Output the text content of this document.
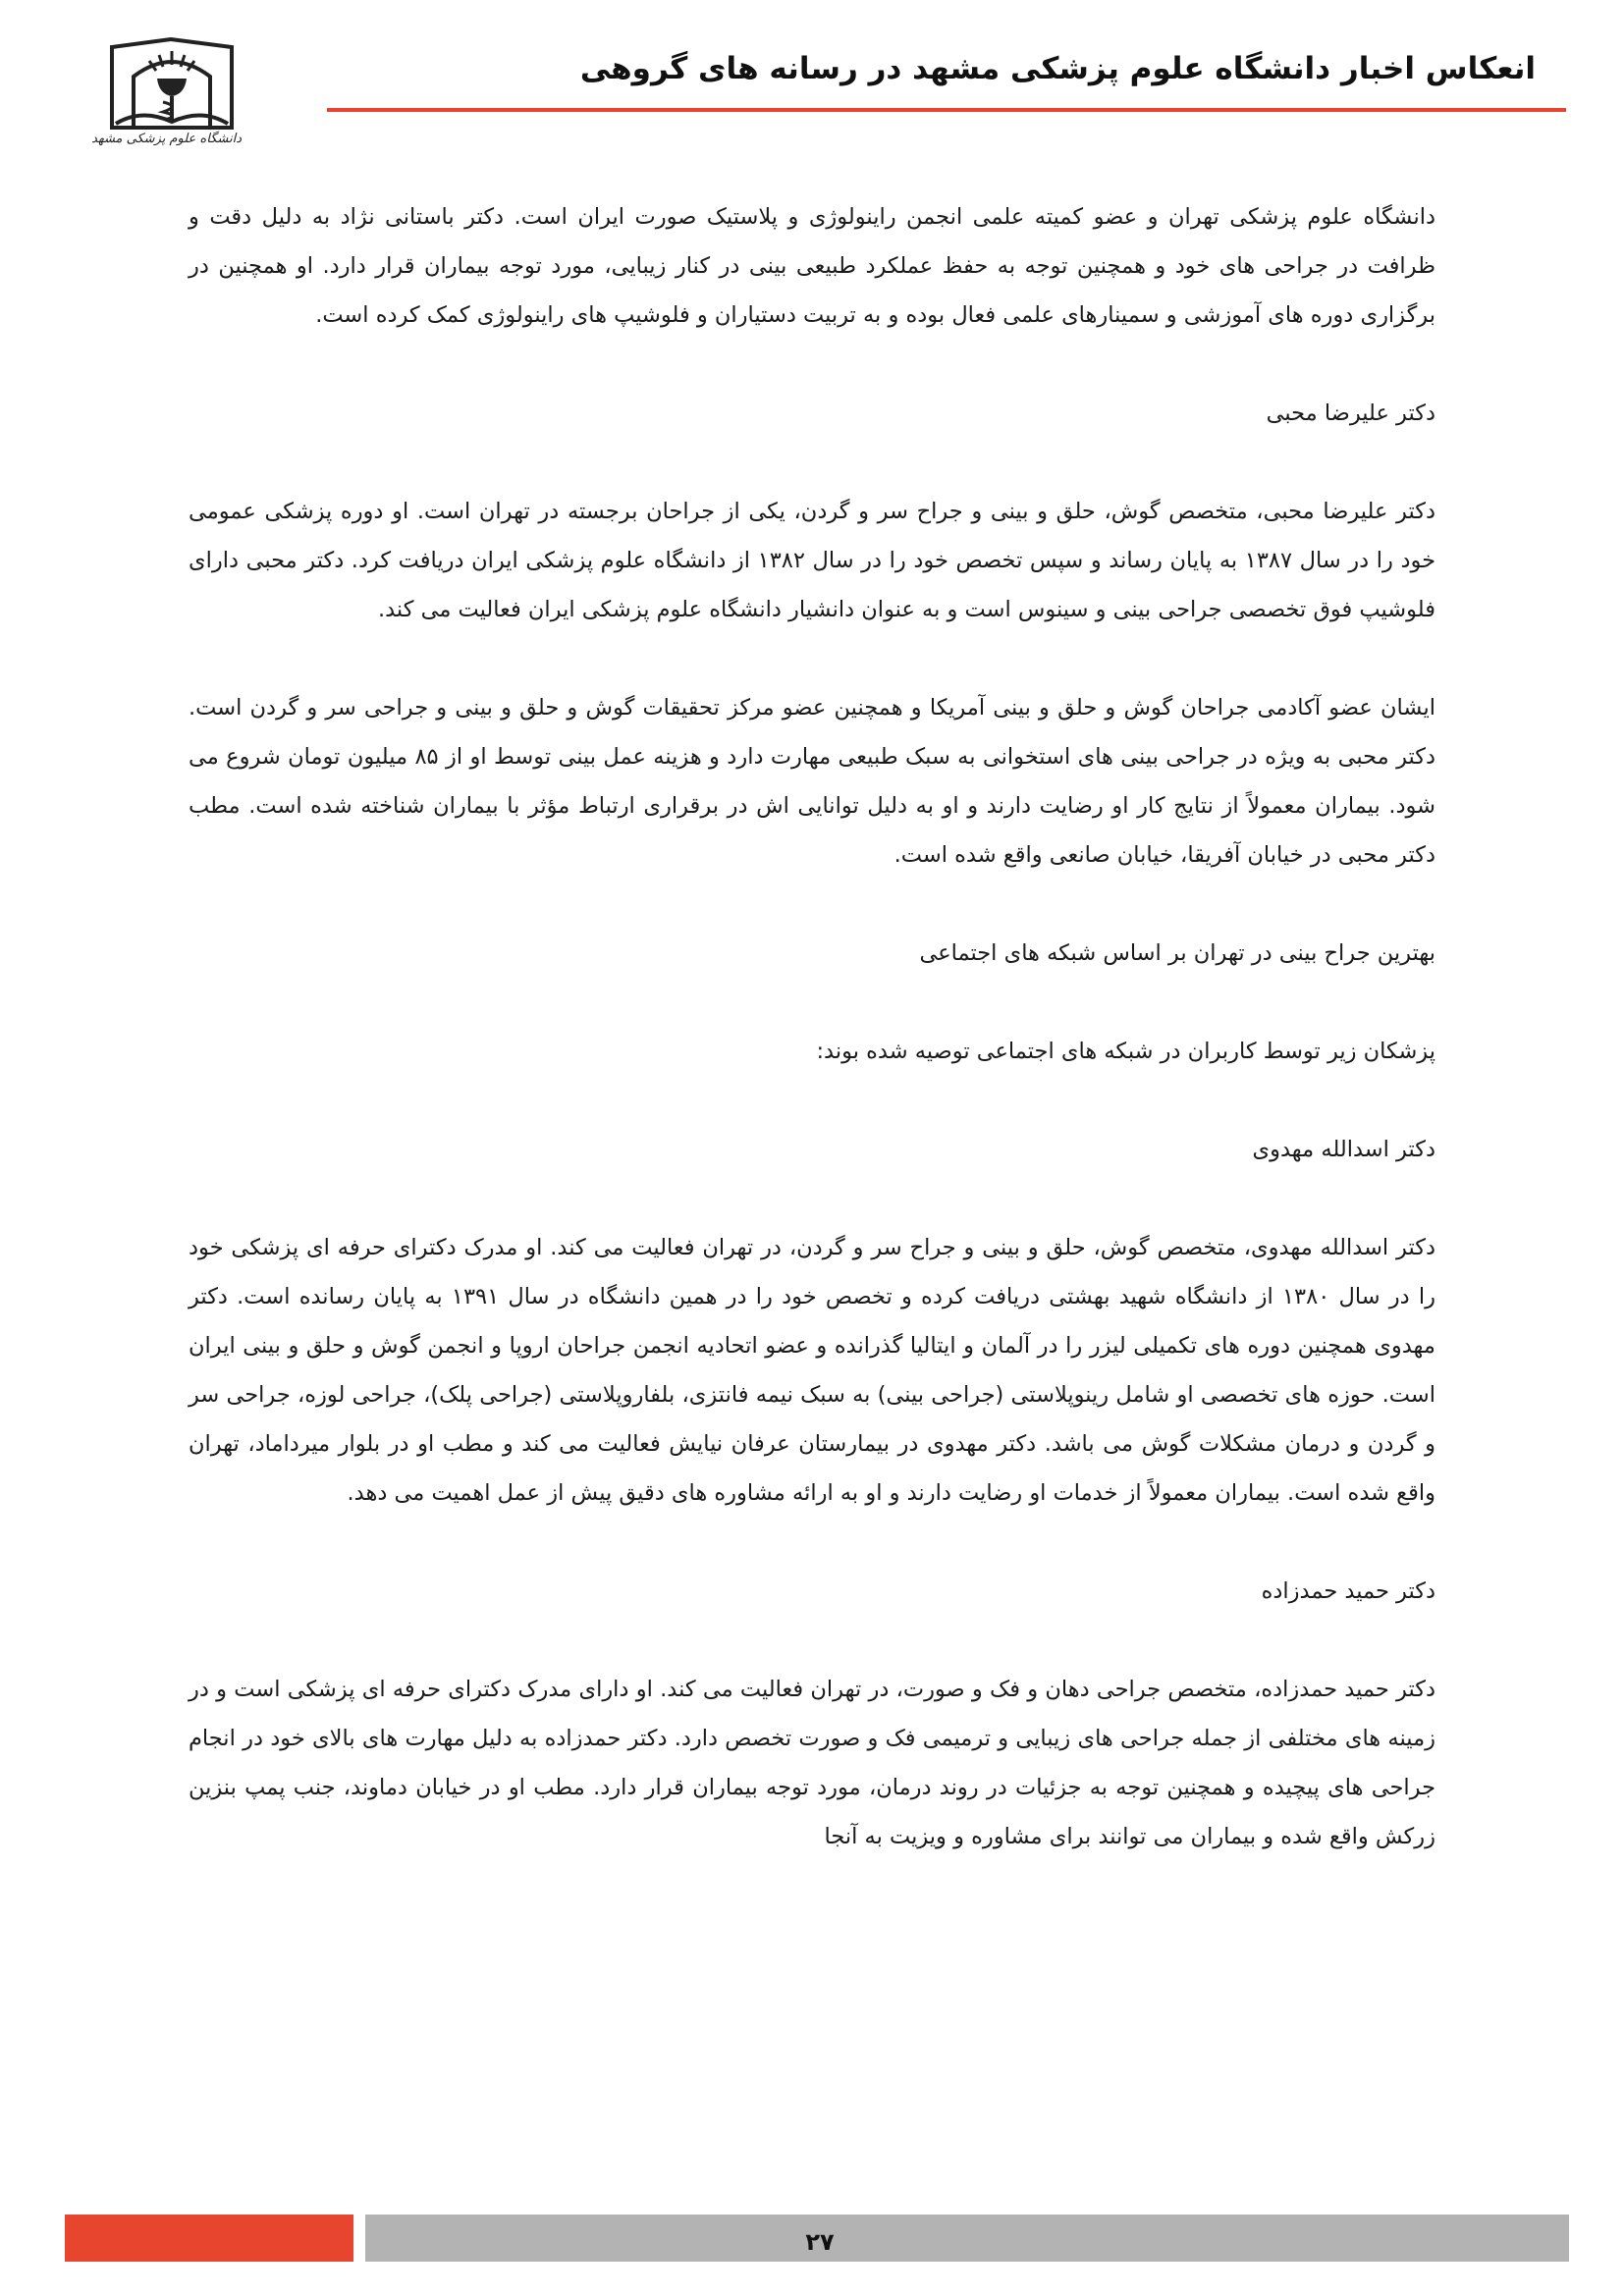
دانشگاه علوم پزشکی مشهد
انعکاس اخبار دانشگاه علوم پزشکی مشهد در رسانه های گروهی

دانشگاه علوم پزشکی تهران و عضو کمیته علمی انجمن راینولوژی و پلاستیک صورت ایران است. دکتر باستانی نژاد به دلیل دقت و ظرافت در جراحی های خود و همچنین توجه به حفظ عملکرد طبیعی بینی در کنار زیبایی، مورد توجه بیماران قرار دارد. او همچنین در برگزاری دوره های آموزشی و سمینارهای علمی فعال بوده و به تربیت دستیاران و فلوشیپ های راینولوژی کمک کرده است.

دکتر علیرضا محبی

دکتر علیرضا محبی، متخصص گوش، حلق و بینی و جراح سر و گردن، یکی از جراحان برجسته در تهران است. او دوره پزشکی عمومی خود را در سال ۱۳۸۷ به پایان رساند و سپس تخصص خود را در سال ۱۳۸۲ از دانشگاه علوم پزشکی ایران دریافت کرد. دکتر محبی دارای فلوشیپ فوق تخصصی جراحی بینی و سینوس است و به عنوان دانشیار دانشگاه علوم پزشکی ایران فعالیت می کند.

ایشان عضو آکادمی جراحان گوش و حلق و بینی آمریکا و همچنین عضو مرکز تحقیقات گوش و حلق و بینی و جراحی سر و گردن است. دکتر محبی به ویژه در جراحی بینی های استخوانی به سبک طبیعی مهارت دارد و هزینه عمل بینی توسط او از ۸۵ میلیون تومان شروع می شود. بیماران معمولاً از نتایج کار او رضایت دارند و او به دلیل توانایی اش در برقراری ارتباط مؤثر با بیماران شناخته شده است. مطب دکتر محبی در خیابان آفریقا، خیابان صانعی واقع شده است.

بهترین جراح بینی در تهران بر اساس شبکه های اجتماعی

پزشکان زیر توسط کاربران در شبکه های اجتماعی توصیه شده بوند:

دکتر اسدالله مهدوی

دکتر اسدالله مهدوی، متخصص گوش، حلق و بینی و جراح سر و گردن، در تهران فعالیت می کند. او مدرک دکترای حرفه ای پزشکی خود را در سال ۱۳۸۰ از دانشگاه شهید بهشتی دریافت کرده و تخصص خود را در همین دانشگاه در سال ۱۳۹۱ به پایان رسانده است. دکتر مهدوی همچنین دوره های تکمیلی لیزر را در آلمان و ایتالیا گذرانده و عضو اتحادیه انجمن جراحان اروپا و انجمن گوش و حلق و بینی ایران است. حوزه های تخصصی او شامل رینوپلاستی (جراحی بینی) به سبک نیمه فانتزی، بلفاروپلاستی (جراحی پلک)، جراحی لوزه، جراحی سر و گردن و درمان مشکلات گوش می باشد. دکتر مهدوی در بیمارستان عرفان نیایش فعالیت می کند و مطب او در بلوار میرداماد، تهران واقع شده است. بیماران معمولاً از خدمات او رضایت دارند و او به ارائه مشاوره های دقیق پیش از عمل اهمیت می دهد.

دکتر حمید حمدزاده

دکتر حمید حمدزاده، متخصص جراحی دهان و فک و صورت، در تهران فعالیت می کند. او دارای مدرک دکترای حرفه ای پزشکی است و در زمینه های مختلفی از جمله جراحی های زیبایی و ترمیمی فک و صورت تخصص دارد. دکتر حمدزاده به دلیل مهارت های بالای خود در انجام جراحی های پیچیده و همچنین توجه به جزئیات در روند درمان، مورد توجه بیماران قرار دارد. مطب او در خیابان دماوند، جنب پمپ بنزین زرکش واقع شده و بیماران می توانند برای مشاوره و ویزیت به آنجا

۲۷
